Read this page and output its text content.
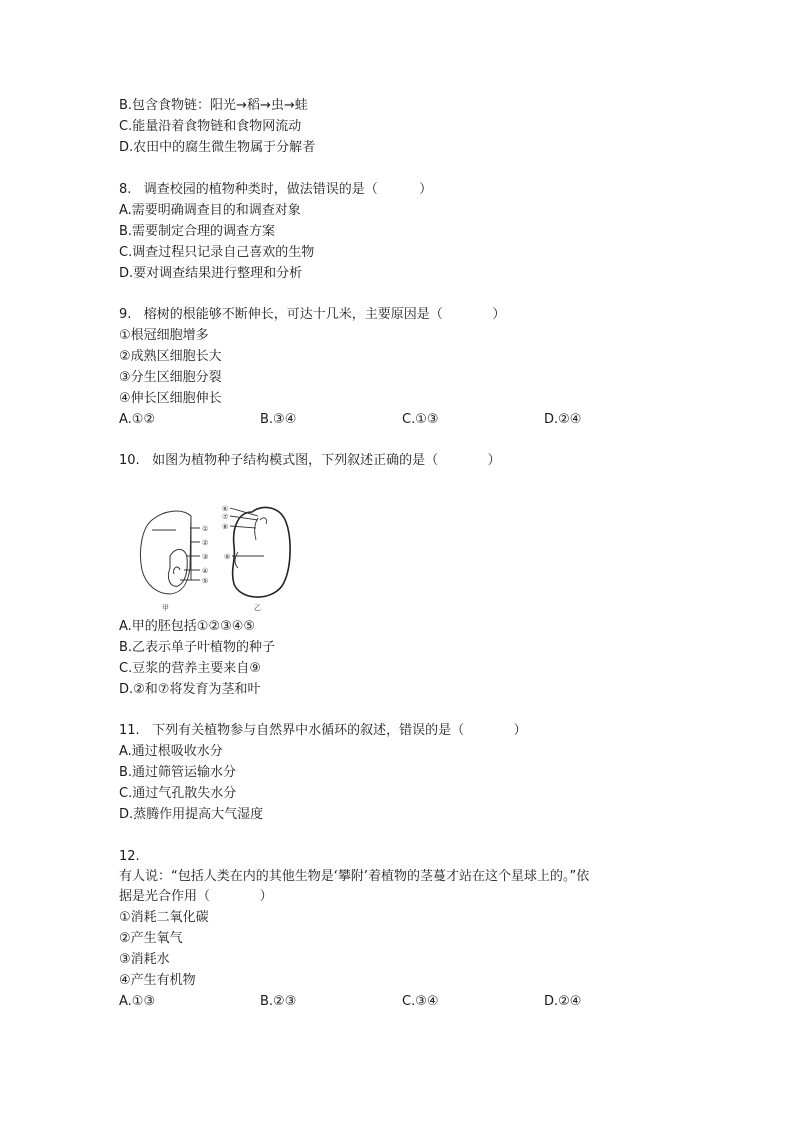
B.包含食物链：阳光→稻→虫→蛙
C.能量沿着食物链和食物网流动
D.农田中的腐生微生物属于分解者
8.   调查校园的植物种类时，做法错误的是（          ）
A.需要明确调查目的和调查对象
B.需要制定合理的调查方案
C.调查过程只记录自己喜欢的生物
D.要对调查结果进行整理和分析
9.   榕树的根能够不断伸长，可达十几米，主要原因是（            ）
①根冠细胞增多
②成熟区细胞长大
③分生区细胞分裂
④伸长区细胞伸长
A.①②	B.③④	C.①③	D.②④
10.   如图为植物种子结构模式图，下列叙述正确的是（            ）
①
②
③
④
⑤
甲
⑥
⑦
⑧
⑨
乙
A.甲的胚包括①②③④⑤
B.乙表示单子叶植物的种子
C.豆浆的营养主要来自⑨
D.②和⑦将发育为茎和叶
11.   下列有关植物参与自然界中水循环的叙述，错误的是（            ）
A.通过根吸收水分
B.通过筛管运输水分
C.通过气孔散失水分
D.蒸腾作用提高大气湿度
12.
有人说：“包括人类在内的其他生物是‘攀附’着植物的茎蔓才站在这个星球上的。”依
据是光合作用（            ）
①消耗二氧化碳
②产生氧气
③消耗水
④产生有机物
A.①③	B.②③	C.③④	D.②④
